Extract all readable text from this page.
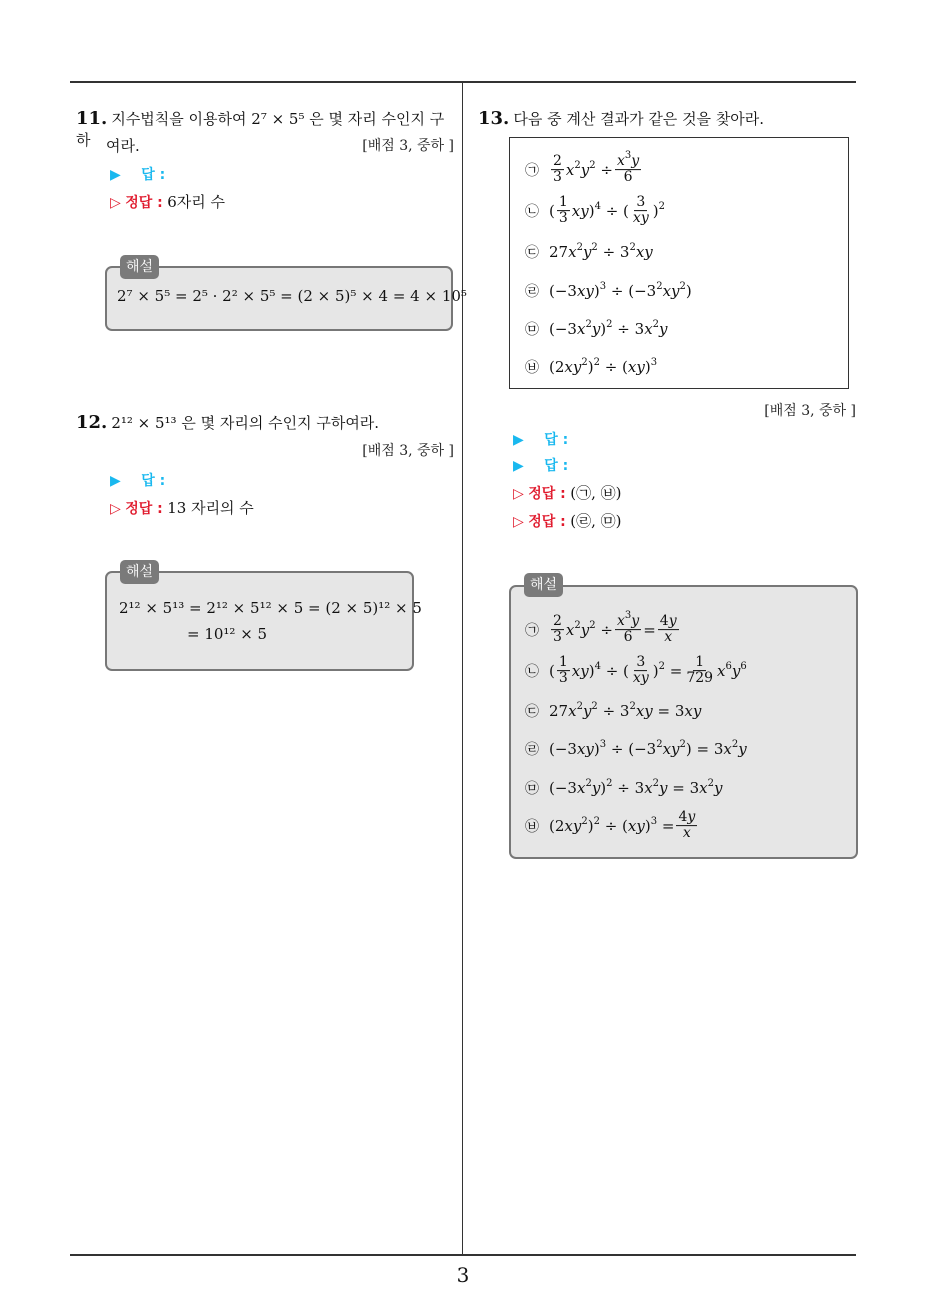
3
11. 지수법칙을 이용하여 2⁷ × 5⁵ 은 몇 자리 수인지 구하	여라.	[배점 3, 중하 ]
▶ 답 :
▷ 정답 : 6자리 수
해설
2⁷ × 5⁵ = 2⁵ · 2² × 5⁵ = (2 × 5)⁵ × 4 = 4 × 10⁵
12. 2¹² × 5¹³ 은 몇 자리의 수인지 구하여라.
[배점 3, 중하 ]
▶ 답 :
▷ 정답 : 13 자리의 수
해설
2¹² × 5¹³ = 2¹² × 5¹² × 5 = (2 × 5)¹² × 5
= 10¹² × 5
13. 다음 중 계산 결과가 같은 것을 찾아라.
㉠ $\frac{2}{3} x^2y^2 \div \frac{x^3y}{6}$
㉡ ( $\frac{1}{3}$ xy )$^4$ ÷ ( $\frac{3}{xy} )^2$
㉢ $27x^2y^2 \div 3^2xy$
㉣ $(-3xy)^3 \div (-3^2xy^2)$
㉤ $(-3x^2y)^2 \div 3x^2y$
㉥ $(2xy^2)^2 \div (xy)^3$
[배점 3, 중하 ]
▶ 답 :
▶ 답 :
▷ 정답 : (㉠, ㉥)
▷ 정답 : (㉣, ㉤)
해설
㉠ $\frac{2}{3} x^2y^2 \div \frac{x^3y}{6} = \frac{4y}{x}$
㉡ ( $\frac{1}{3}$ xy )$^4$ ÷ ( $\frac{3}{xy} )^2 = \frac{1}{729} x^6y^6$
㉢ $27x^2y^2 \div 3^2xy = 3xy$
㉣ $(-3xy)^3 \div (-3^2xy^2) = 3x^2y$
㉤ $(-3x^2y)^2 \div 3x^2y = 3x^2y$
㉥ $(2xy^2)^2 \div (xy)^3 = \frac{4y}{x}$
